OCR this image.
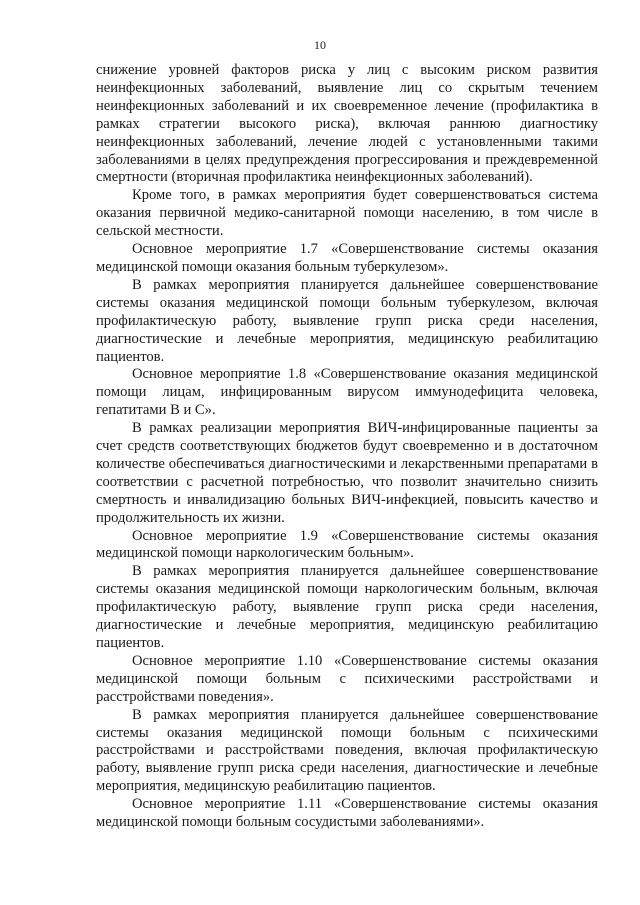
10

снижение уровней факторов риска у лиц с высоким риском развития неинфекционных заболеваний, выявление лиц со скрытым течением неинфекционных заболеваний и их своевременное лечение (профилактика в рамках стратегии высокого риска), включая раннюю диагностику неинфекционных заболеваний, лечение людей с установленными такими заболеваниями в целях предупреждения прогрессирования и преждевременной смертности (вторичная профилактика неинфекционных заболеваний).

Кроме того, в рамках мероприятия будет совершенствоваться система оказания первичной медико-санитарной помощи населению, в том числе в сельской местности.

Основное мероприятие 1.7 «Совершенствование системы оказания медицинской помощи оказания больным туберкулезом».

В рамках мероприятия планируется дальнейшее совершенствование системы оказания медицинской помощи больным туберкулезом, включая профилактическую работу, выявление групп риска среди населения, диагностические и лечебные мероприятия, медицинскую реабилитацию пациентов.

Основное мероприятие 1.8 «Совершенствование оказания медицинской помощи лицам, инфицированным вирусом иммунодефицита человека, гепатитами В и С».

В рамках реализации мероприятия ВИЧ-инфицированные пациенты за счет средств соответствующих бюджетов будут своевременно и в достаточном количестве обеспечиваться диагностическими и лекарственными препаратами в соответствии с расчетной потребностью, что позволит значительно снизить смертность и инвалидизацию больных ВИЧ-инфекцией, повысить качество и продолжительность их жизни.

Основное мероприятие 1.9 «Совершенствование системы оказания медицинской помощи наркологическим больным».

В рамках мероприятия планируется дальнейшее совершенствование системы оказания медицинской помощи наркологическим больным, включая профилактическую работу, выявление групп риска среди населения, диагностические и лечебные мероприятия, медицинскую реабилитацию пациентов.

Основное мероприятие 1.10 «Совершенствование системы оказания медицинской помощи больным с психическими расстройствами и расстройствами поведения».

В рамках мероприятия планируется дальнейшее совершенствование системы оказания медицинской помощи больным с психическими расстройствами и расстройствами поведения, включая профилактическую работу, выявление групп риска среди населения, диагностические и лечебные мероприятия, медицинскую реабилитацию пациентов.

Основное мероприятие 1.11 «Совершенствование системы оказания медицинской помощи больным сосудистыми заболеваниями».
